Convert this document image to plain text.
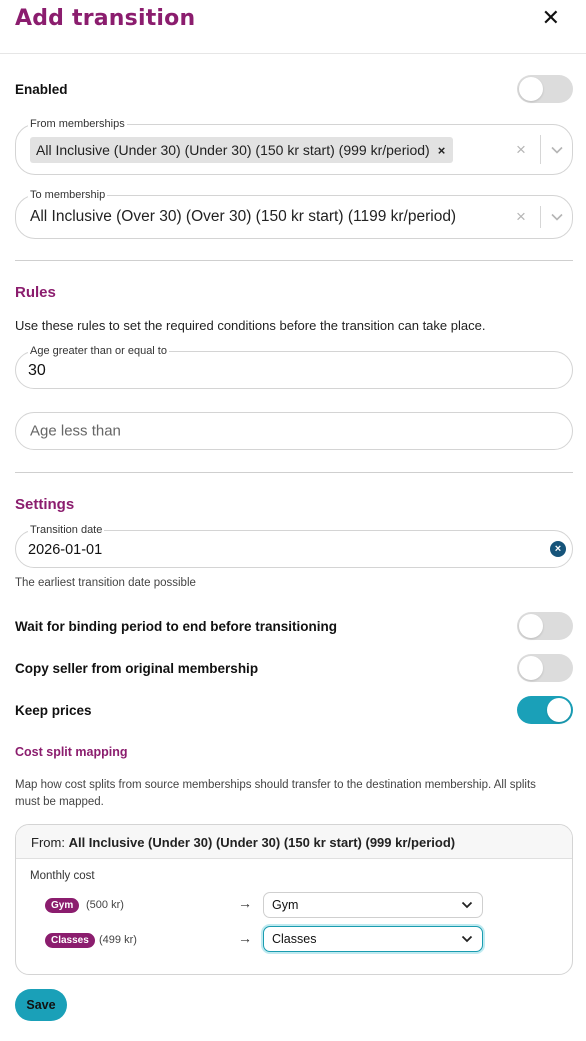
Add transition	✕
Enabled
From memberships
All Inclusive (Under 30) (Under 30) (150 kr start) (999 kr/period) ×	×
To membership
All Inclusive (Over 30) (Over 30) (150 kr start) (1199 kr/period)	×
Rules
Use these rules to set the required conditions before the transition can take place.
Age greater than or equal to
30
Age less than
Settings
Transition date
2026-01-01	×
The earliest transition date possible
Wait for binding period to end before transitioning
Copy seller from original membership
Keep prices
Cost split mapping
Map how cost splits from source memberships should transfer to the destination membership. All splits must be mapped.
From: All Inclusive (Under 30) (Under 30) (150 kr start) (999 kr/period)
Monthly cost
Gym	(500 kr)	→ Gym
Classes (499 kr)	→ Classes
Save
